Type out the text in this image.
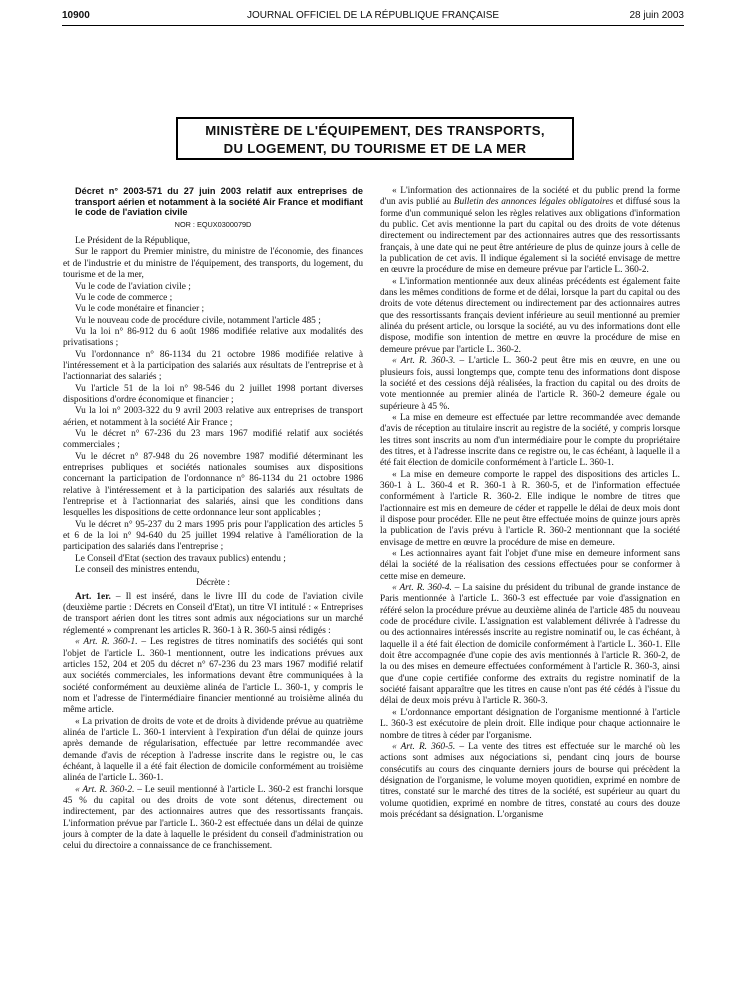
10900	JOURNAL OFFICIEL DE LA RÉPUBLIQUE FRANÇAISE	28 juin 2003
MINISTÈRE DE L'ÉQUIPEMENT, DES TRANSPORTS,
DU LOGEMENT, DU TOURISME ET DE LA MER
Décret n° 2003-571 du 27 juin 2003 relatif aux entreprises de transport aérien et notamment à la société Air France et modifiant le code de l'aviation civile
NOR : EQUX0300079D

Le Président de la République,

Sur le rapport du Premier ministre, du ministre de l'économie, des finances et de l'industrie et du ministre de l'équipement, des transports, du logement, du tourisme et de la mer,

Vu le code de l'aviation civile ;

Vu le code de commerce ;

Vu le code monétaire et financier ;

Vu le nouveau code de procédure civile, notamment l'article 485 ;

Vu la loi n° 86-912 du 6 août 1986 modifiée relative aux modalités des privatisations ;

Vu l'ordonnance n° 86-1134 du 21 octobre 1986 modifiée relative à l'intéressement et à la participation des salariés aux résultats de l'entreprise et à l'actionnariat des salariés ;

Vu l'article 51 de la loi n° 98-546 du 2 juillet 1998 portant diverses dispositions d'ordre économique et financier ;

Vu la loi n° 2003-322 du 9 avril 2003 relative aux entreprises de transport aérien, et notamment à la société Air France ;

Vu le décret n° 67-236 du 23 mars 1967 modifié relatif aux sociétés commerciales ;

Vu le décret n° 87-948 du 26 novembre 1987 modifié déterminant les entreprises publiques et sociétés nationales soumises aux dispositions concernant la participation de l'ordonnance n° 86-1134 du 21 octobre 1986 relative à l'intéressement et à la participation des salariés aux résultats de l'entreprise et à l'actionnariat des salariés, ainsi que les conditions dans lesquelles les dispositions de cette ordonnance leur sont applicables ;

Vu le décret n° 95-237 du 2 mars 1995 pris pour l'application des articles 5 et 6 de la loi n° 94-640 du 25 juillet 1994 relative à l'amélioration de la participation des salariés dans l'entreprise ;

Le Conseil d'Etat (section des travaux publics) entendu ;

Le conseil des ministres entendu,

Décrète :

Art. 1er. – Il est inséré, dans le livre III du code de l'aviation civile (deuxième partie : Décrets en Conseil d'Etat), un titre VI intitulé : « Entreprises de transport aérien dont les titres sont admis aux négociations sur un marché réglementé » comprenant les articles R. 360-1 à R. 360-5 ainsi rédigés :

« Art. R. 360-1. – Les registres de titres nominatifs des sociétés qui sont l'objet de l'article L. 360-1 mentionnent, outre les indications prévues aux articles 152, 204 et 205 du décret n° 67-236 du 23 mars 1967 modifié relatif aux sociétés commerciales, les informations devant être communiquées à la société conformément au deuxième alinéa de l'article L. 360-1, y compris le nom et l'adresse de l'intermédiaire financier mentionné au troisième alinéa du même article.

« La privation de droits de vote et de droits à dividende prévue au quatrième alinéa de l'article L. 360-1 intervient à l'expiration d'un délai de quinze jours après demande de régularisation, effectuée par lettre recommandée avec demande d'avis de réception à l'adresse inscrite dans le registre ou, le cas échéant, à laquelle il a été fait élection de domicile conformément au troisième alinéa de l'article L. 360-1.

« Art. R. 360-2. – Le seuil mentionné à l'article L. 360-2 est franchi lorsque 45 % du capital ou des droits de vote sont détenus, directement ou indirectement, par des actionnaires autres que des ressortissants français. L'information prévue par l'article L. 360-2 est effectuée dans un délai de quinze jours à compter de la date à laquelle le président du conseil d'administration ou celui du directoire a connaissance de ce franchissement.

« L'information des actionnaires de la société et du public prend la forme d'un avis publié au Bulletin des annonces légales obligatoires et diffusé sous la forme d'un communiqué selon les règles relatives aux obligations d'information du public. Cet avis mentionne la part du capital ou des droits de vote détenus directement ou indirectement par des actionnaires autres que des ressortissants français, à une date qui ne peut être antérieure de plus de quinze jours à celle de la publication de cet avis. Il indique également si la société envisage de mettre en œuvre la procédure de mise en demeure prévue par l'article L. 360-2.

« L'information mentionnée aux deux alinéas précédents est également faite dans les mêmes conditions de forme et de délai, lorsque la part du capital ou des droits de vote détenus directement ou indirectement par des actionnaires autres que des ressortissants français devient inférieure au seuil mentionné au premier alinéa du présent article, ou lorsque la société, au vu des informations dont elle dispose, modifie son intention de mettre en œuvre la procédure de mise en demeure prévue par l'article L. 360-2.

« Art. R. 360-3. – L'article L. 360-2 peut être mis en œuvre, en une ou plusieurs fois, aussi longtemps que, compte tenu des informations dont dispose la société et des cessions déjà réalisées, la fraction du capital ou des droits de vote mentionnée au premier alinéa de l'article R. 360-2 demeure égale ou supérieure à 45 %.

« La mise en demeure est effectuée par lettre recommandée avec demande d'avis de réception au titulaire inscrit au registre de la société, y compris lorsque les titres sont inscrits au nom d'un intermédiaire pour le compte du propriétaire des titres, et à l'adresse inscrite dans ce registre ou, le cas échéant, à laquelle il a été fait élection de domicile conformément à l'article L. 360-1.

« La mise en demeure comporte le rappel des dispositions des articles L. 360-1 à L. 360-4 et R. 360-1 à R. 360-5, et de l'information effectuée conformément à l'article R. 360-2. Elle indique le nombre de titres que l'actionnaire est mis en demeure de céder et rappelle le délai de deux mois dont il dispose pour procéder. Elle ne peut être effectuée moins de quinze jours après la publication de l'avis prévu à l'article R. 360-2 mentionnant que la société envisage de mettre en œuvre la procédure de mise en demeure.

« Les actionnaires ayant fait l'objet d'une mise en demeure informent sans délai la société de la réalisation des cessions effectuées pour se conformer à cette mise en demeure.

« Art. R. 360-4. – La saisine du président du tribunal de grande instance de Paris mentionnée à l'article L. 360-3 est effectuée par voie d'assignation en référé selon la procédure prévue au deuxième alinéa de l'article 485 du nouveau code de procédure civile. L'assignation est valablement délivrée à l'adresse du ou des actionnaires intéressés inscrite au registre nominatif ou, le cas échéant, à laquelle il a été fait élection de domicile conformément à l'article L. 360-1. Elle doit être accompagnée d'une copie des avis mentionnés à l'article R. 360-2, de la ou des mises en demeure effectuées conformément à l'article R. 360-3, ainsi que d'une copie certifiée conforme des extraits du registre nominatif de la société faisant apparaître que les titres en cause n'ont pas été cédés à l'issue du délai de deux mois prévu à l'article R. 360-3.

« L'ordonnance emportant désignation de l'organisme mentionné à l'article L. 360-3 est exécutoire de plein droit. Elle indique pour chaque actionnaire le nombre de titres à céder par l'organisme.

« Art. R. 360-5. – La vente des titres est effectuée sur le marché où les actions sont admises aux négociations si, pendant cinq jours de bourse consécutifs au cours des cinquante derniers jours de bourse qui précèdent la désignation de l'organisme, le volume moyen quotidien, exprimé en nombre de titres, constaté sur le marché des titres de la société, est supérieur au quart du volume quotidien, exprimé en nombre de titres, constaté au cours des douze mois précédant sa désignation. L'organisme
